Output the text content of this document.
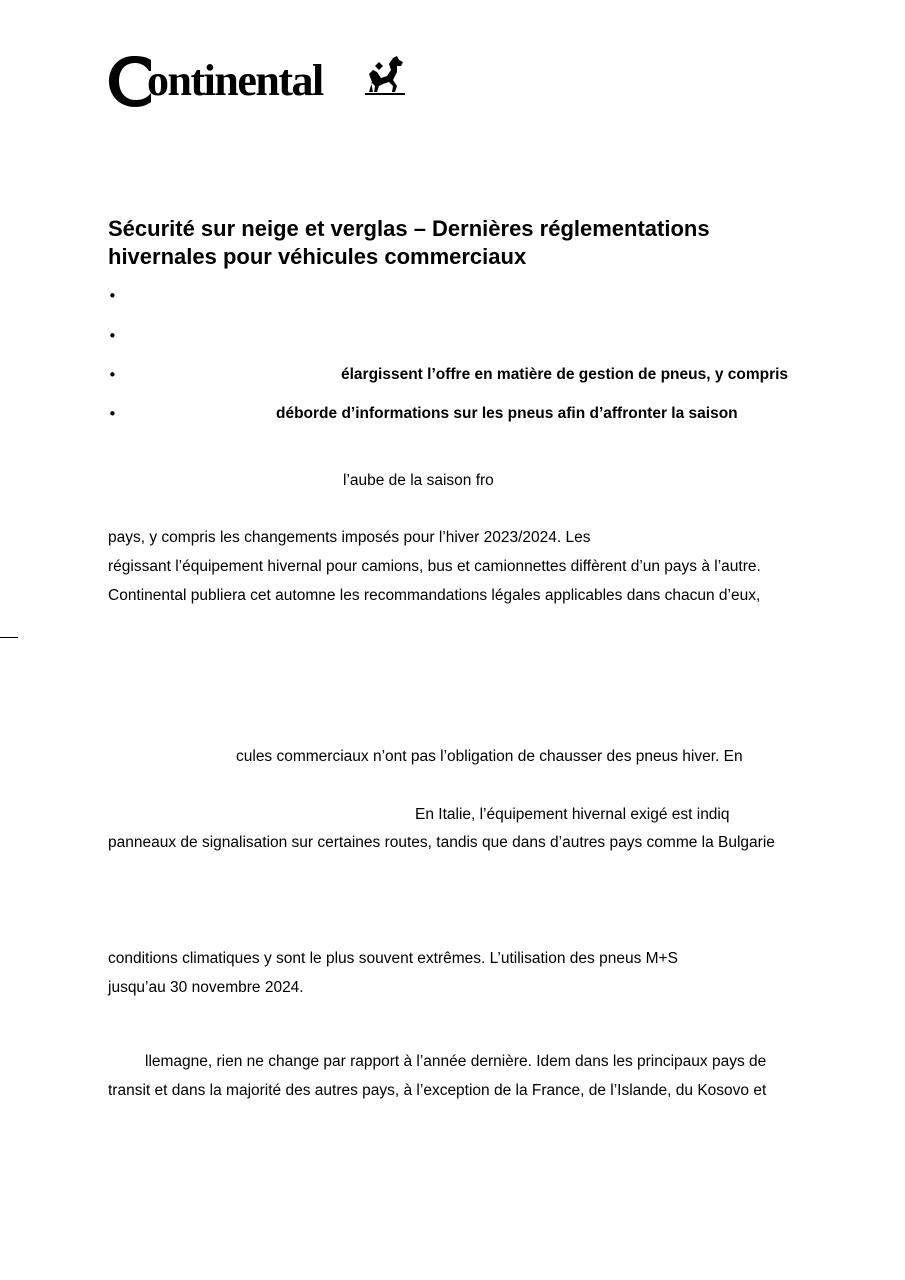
ontinental
Sécurité sur neige et verglas – Dernières réglementations
hivernales pour véhicules commerciaux
•
•
•	élargissent l’offre en matière de gestion de pneus, y compris
•	déborde d’informations sur les pneus afin d’affronter la saison
l’aube de la saison fro
pays, y compris les changements imposés pour l’hiver 2023/2024. Les
régissant l’équipement hivernal pour camions, bus et camionnettes diffèrent d’un pays à l’autre.
Continental publiera cet automne les recommandations légales applicables dans chacun d’eux,
cules commerciaux n’ont pas l’obligation de chausser des pneus hiver. En
En Italie, l’équipement hivernal exigé est indiq
panneaux de signalisation sur certaines routes, tandis que dans d’autres pays comme la Bulgarie
conditions climatiques y sont le plus souvent extrêmes. L’utilisation des pneus M+S
jusqu’au 30 novembre 2024.
llemagne, rien ne change par rapport à l’année dernière. Idem dans les principaux pays de
transit et dans la majorité des autres pays, à l’exception de la France, de l’Islande, du Kosovo et
